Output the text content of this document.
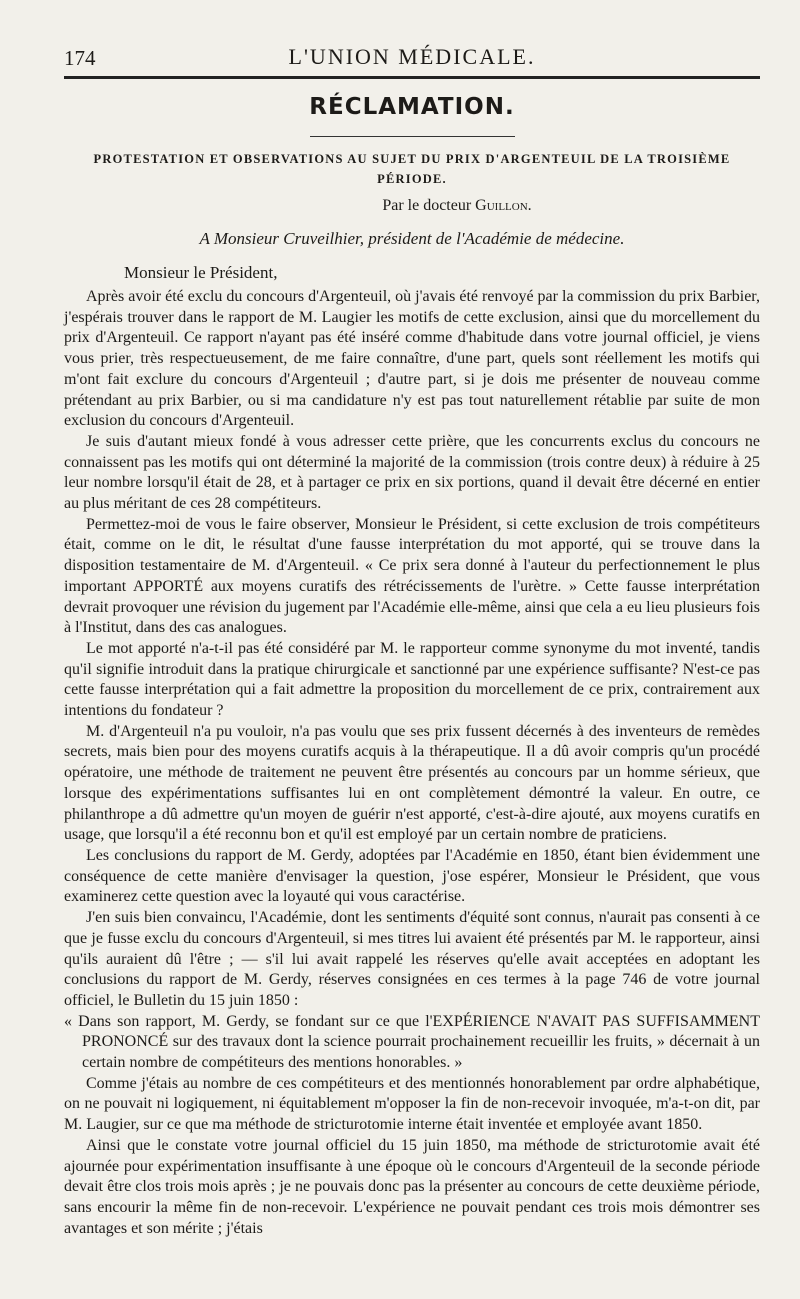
174	L'UNION MÉDICALE.
RÉCLAMATION.
PROTESTATION ET OBSERVATIONS AU SUJET DU PRIX D'ARGENTEUIL DE LA TROISIÈME
PÉRIODE.
Par le docteur Guillon.
A Monsieur Cruveilhier, président de l'Académie de médecine.
Monsieur le Président,

Après avoir été exclu du concours d'Argenteuil, où j'avais été renvoyé par la commission du prix Barbier, j'espérais trouver dans le rapport de M. Laugier les motifs de cette exclusion, ainsi que du morcellement du prix d'Argenteuil. Ce rapport n'ayant pas été inséré comme d'habitude dans votre journal officiel, je viens vous prier, très respectueusement, de me faire connaître, d'une part, quels sont réellement les motifs qui m'ont fait exclure du concours d'Argenteuil ; d'autre part, si je dois me présenter de nouveau comme prétendant au prix Barbier, ou si ma candidature n'y est pas tout naturellement rétablie par suite de mon exclusion du concours d'Argenteuil.

Je suis d'autant mieux fondé à vous adresser cette prière, que les concurrents exclus du concours ne connaissent pas les motifs qui ont déterminé la majorité de la commission (trois contre deux) à réduire à 25 leur nombre lorsqu'il était de 28, et à partager ce prix en six portions, quand il devait être décerné en entier au plus méritant de ces 28 compétiteurs.

Permettez-moi de vous le faire observer, Monsieur le Président, si cette exclusion de trois compétiteurs était, comme on le dit, le résultat d'une fausse interprétation du mot apporté, qui se trouve dans la disposition testamentaire de M. d'Argenteuil. « Ce prix sera donné à l'auteur du perfectionnement le plus important APPORTÉ aux moyens curatifs des rétrécissements de l'urètre. » Cette fausse interprétation devrait provoquer une révision du jugement par l'Académie elle-même, ainsi que cela a eu lieu plusieurs fois à l'Institut, dans des cas analogues.

Le mot apporté n'a-t-il pas été considéré par M. le rapporteur comme synonyme du mot inventé, tandis qu'il signifie introduit dans la pratique chirurgicale et sanctionné par une expérience suffisante? N'est-ce pas cette fausse interprétation qui a fait admettre la proposition du morcellement de ce prix, contrairement aux intentions du fondateur ?

M. d'Argenteuil n'a pu vouloir, n'a pas voulu que ses prix fussent décernés à des inventeurs de remèdes secrets, mais bien pour des moyens curatifs acquis à la thérapeutique. Il a dû avoir compris qu'un procédé opératoire, une méthode de traitement ne peuvent être présentés au concours par un homme sérieux, que lorsque des expérimentations suffisantes lui en ont complètement démontré la valeur. En outre, ce philanthrope a dû admettre qu'un moyen de guérir n'est apporté, c'est-à-dire ajouté, aux moyens curatifs en usage, que lorsqu'il a été reconnu bon et qu'il est employé par un certain nombre de praticiens.

Les conclusions du rapport de M. Gerdy, adoptées par l'Académie en 1850, étant bien évidemment une conséquence de cette manière d'envisager la question, j'ose espérer, Monsieur le Président, que vous examinerez cette question avec la loyauté qui vous caractérise.

J'en suis bien convaincu, l'Académie, dont les sentiments d'équité sont connus, n'aurait pas consenti à ce que je fusse exclu du concours d'Argenteuil, si mes titres lui avaient été présentés par M. le rapporteur, ainsi qu'ils auraient dû l'être ; — s'il lui avait rappelé les réserves qu'elle avait acceptées en adoptant les conclusions du rapport de M. Gerdy, réserves consignées en ces termes à la page 746 de votre journal officiel, le Bulletin du 15 juin 1850 :

« Dans son rapport, M. Gerdy, se fondant sur ce que l'EXPÉRIENCE N'AVAIT PAS SUFFISAMMENT PRONONCÉ sur des travaux dont la science pourrait prochainement recueillir les fruits, » décernait à un certain nombre de compétiteurs des mentions honorables. »

Comme j'étais au nombre de ces compétiteurs et des mentionnés honorablement par ordre alphabétique, on ne pouvait ni logiquement, ni équitablement m'opposer la fin de non-recevoir invoquée, m'a-t-on dit, par M. Laugier, sur ce que ma méthode de stricturotomie interne était inventée et employée avant 1850.

Ainsi que le constate votre journal officiel du 15 juin 1850, ma méthode de stricturotomie avait été ajournée pour expérimentation insuffisante à une époque où le concours d'Argenteuil de la seconde période devait être clos trois mois après ; je ne pouvais donc pas la présenter au concours de cette deuxième période, sans encourir la même fin de non-recevoir. L'expérience ne pouvait pendant ces trois mois démontrer ses avantages et son mérite ; j'étais
